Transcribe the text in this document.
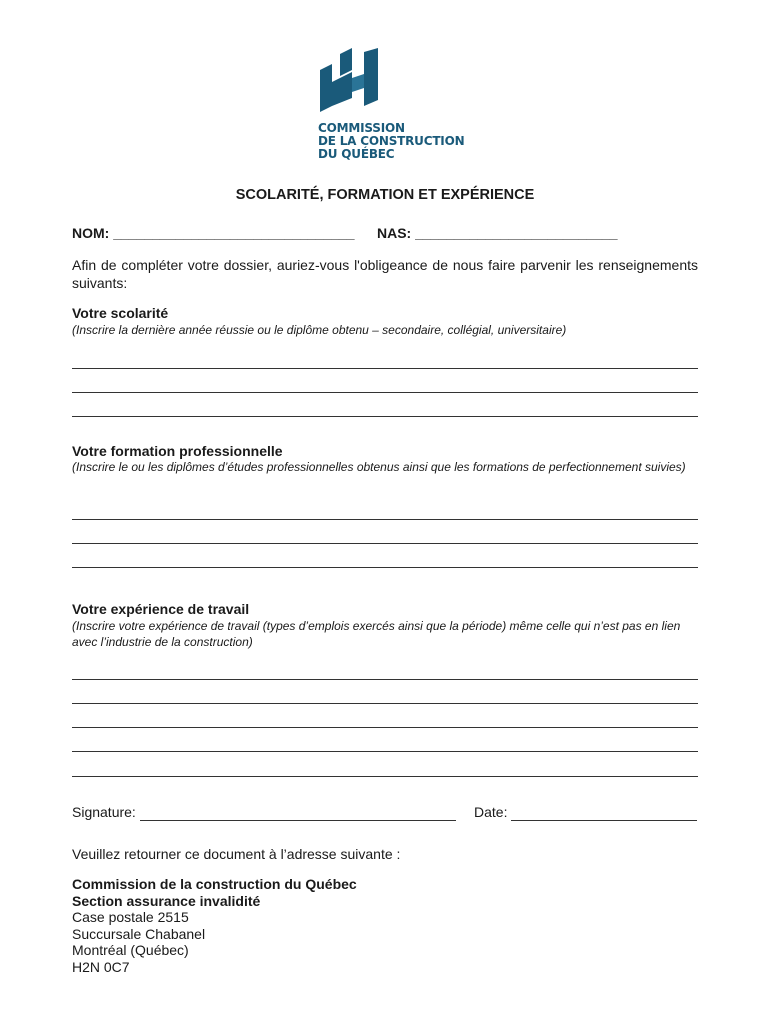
COMMISSION
DE LA CONSTRUCTION
DU QUÉBEC
SCOLARITÉ, FORMATION ET EXPÉRIENCE
NOM: _______________________________ NAS: __________________________
Afin de compléter votre dossier, auriez-vous l'obligeance de nous faire parvenir les renseignements suivants:
Votre scolarité
(Inscrire la dernière année réussie ou le diplôme obtenu – secondaire, collégial, universitaire)
Votre formation professionnelle
(Inscrire le ou les diplômes d’études professionnelles obtenus ainsi que les formations de perfectionnement suivies)
Votre expérience de travail
(Inscrire votre expérience de travail (types d’emplois exercés ainsi que la période) même celle qui n’est pas en lien avec l’industrie de la construction)
Signature:	Date:
Veuillez retourner ce document à l’adresse suivante :
Commission de la construction du Québec
Section assurance invalidité
Case postale 2515
Succursale Chabanel
Montréal (Québec)
H2N 0C7
